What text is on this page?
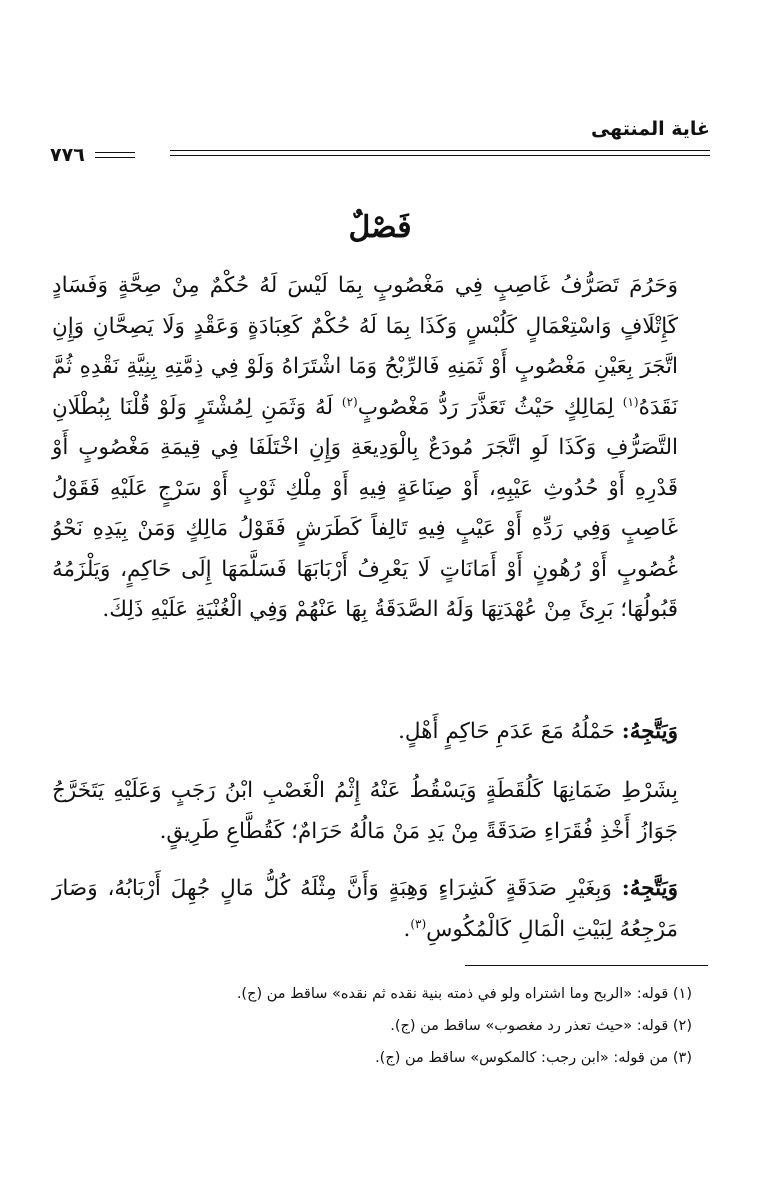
غاية المنتهى
٧٧٦
فَصْلٌ

وَحَرُمَ تَصَرُّفُ غَاصِبٍ فِي مَغْصُوبٍ بِمَا لَيْسَ لَهُ حُكْمٌ مِنْ صِحَّةٍ وَفَسَادٍ كَإِتْلَافٍ وَاسْتِعْمَالٍ كَلُبْسٍ وَكَذَا بِمَا لَهُ حُكْمٌ كَعِبَادَةٍ وَعَقْدٍ وَلَا يَصِحَّانِ وَإِنِ اتَّجَرَ بِعَيْنِ مَغْصُوبٍ أَوْ ثَمَنِهِ فَالرِّبْحُ وَمَا اشْتَرَاهُ وَلَوْ فِي ذِمَّتِهِ بِنِيَّةِ نَقْدِهِ ثُمَّ نَقَدَهُ$^{(١)}$ لِمَالِكٍ حَيْثُ تَعَذَّرَ رَدُّ مَغْصُوبٍ$^{(٢)}$ لَهُ وَثَمَنِ لِمُشْتَرٍ وَلَوْ قُلْنَا بِبُطْلَانِ التَّصَرُّفِ وَكَذَا لَوِ اتَّجَرَ مُودَعٌ بِالْوَدِيعَةِ وَإِنِ اخْتَلَفَا فِي قِيمَةِ مَغْصُوبٍ أَوْ قَدْرِهِ أَوْ حُدُوثِ عَيْبِهِ، أَوْ صِنَاعَةٍ فِيهِ أَوْ مِلْكِ ثَوْبٍ أَوْ سَرْجٍ عَلَيْهِ فَقَوْلُ غَاصِبٍ وَفِي رَدِّهِ أَوْ عَيْبٍ فِيهِ تَالِفاً كَطَرَشٍ فَقَوْلُ مَالِكٍ وَمَنْ بِيَدِهِ نَحْوُ غُصُوبٍ أَوْ رُهُونٍ أَوْ أَمَانَاتٍ لَا يَعْرِفُ أَرْبَابَهَا فَسَلَّمَهَا إِلَى حَاكِمٍ، وَيَلْزَمُهُ قَبُولُهَا؛ بَرِئَ مِنْ عُهْدَتِهَا وَلَهُ الصَّدَقَةُ بِهَا عَنْهُمْ وَفِي الْغُنْيَةِ عَلَيْهِ ذَلِكَ.

وَيَتَّجِهُ: حَمْلُهُ مَعَ عَدَمِ حَاكِمٍ أَهْلٍ.

بِشَرْطِ ضَمَانِهَا كَلُقَطَةٍ وَيَسْقُطُ عَنْهُ إِثْمُ الْغَصْبِ ابْنُ رَجَبٍ وَعَلَيْهِ يَتَخَرَّجُ جَوَازُ أَخْذِ فُقَرَاءِ صَدَقَةً مِنْ يَدِ مَنْ مَالُهُ حَرَامٌ؛ كَقُطَّاعِ طَرِيقٍ.

وَيَتَّجِهُ: وَبِغَيْرِ صَدَقَةٍ كَشِرَاءٍ وَهِبَةٍ وَأَنَّ مِثْلَهُ كُلُّ مَالٍ جُهِلَ أَرْبَابُهُ، وَصَارَ مَرْجِعُهُ لِبَيْتِ الْمَالِ كَالْمُكُوسِ$^{(٣)}$.

(١) قوله: «الربح وما اشتراه ولو في ذمته بنية نقده ثم نقده» ساقط من (ج).
(٢) قوله: «حيث تعذر رد مغصوب» ساقط من (ج).
(٣) من قوله: «ابن رجب: كالمكوس» ساقط من (ج).
